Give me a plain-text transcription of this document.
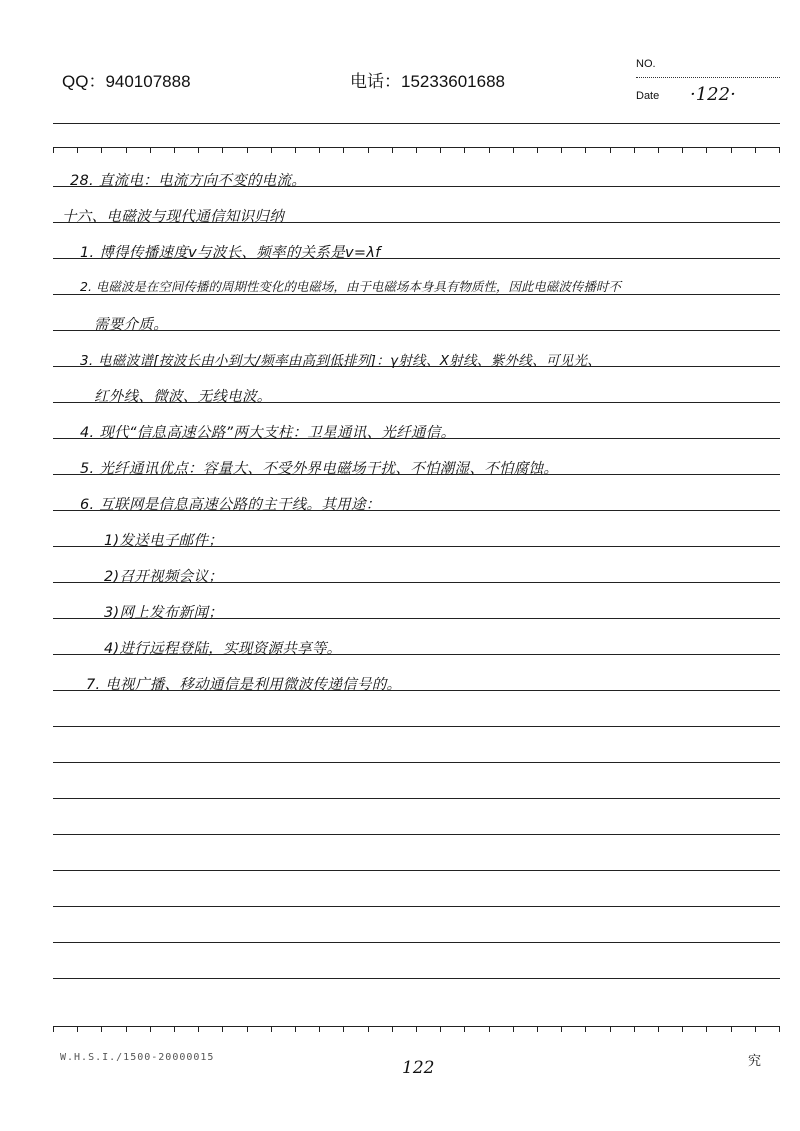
QQ：940107888	电话：15233601688
NO.
Date ·122·
28. 直流电：电流方向不变的电流。
十六、电磁波与现代通信知识归纳
1. 博得传播速度v与波长、频率的关系是v=λf
2. 电磁波是在空间传播的周期性变化的电磁场，由于电磁场本身具有物质性，因此电磁波传播时不
需要介质。
3. 电磁波谱[按波长由小到大/频率由高到低排列]：γ射线、X射线、紫外线、可见光、
红外线、微波、无线电波。
4. 现代“信息高速公路”两大支柱：卫星通讯、光纤通信。
5. 光纤通讯优点：容量大、不受外界电磁场干扰、不怕潮湿、不怕腐蚀。
6. 互联网是信息高速公路的主干线。其用途：
1)发送电子邮件；
2)召开视频会议；
3)网上发布新闻；
4)进行远程登陆，实现资源共享等。
7. 电视广播、移动通信是利用微波传递信号的。
W.H.S.I./1500-20000015
122	究
